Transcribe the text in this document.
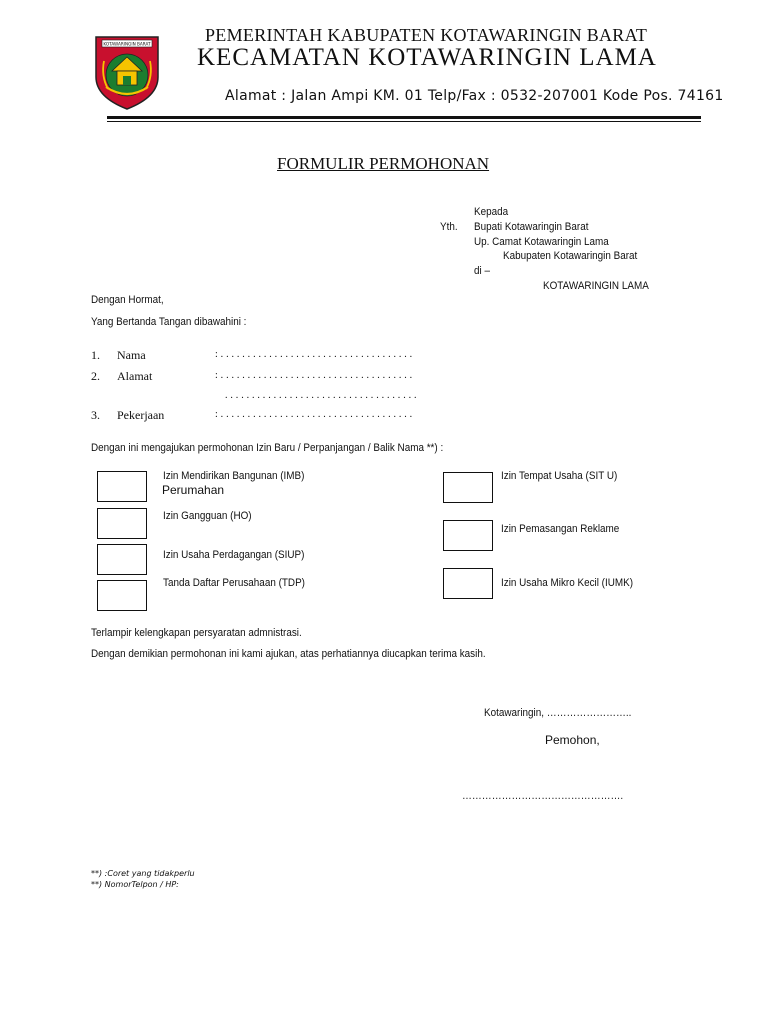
KOTAWARINGIN BARAT	PEMERINTAH KABUPATEN KOTAWARINGIN BARAT
KECAMATAN KOTAWARINGIN LAMA
Alamat : Jalan Ampi KM. 01 Telp/Fax : 0532-207001 Kode Pos. 74161
FORMULIR PERMOHONAN
Kepada
Yth. Bupati Kotawaringin Barat
Up. Camat Kotawaringin Lama
Kabupaten Kotawaringin Barat
di –
KOTAWARINGIN LAMA
Dengan Hormat,
Yang Bertanda Tangan dibawahini :
1. Nama	: . . . . . . . . . . . . . . . . . . . . . . . . . . . . . . . . . . . .
2. Alamat	: . . . . . . . . . . . . . . . . . . . . . . . . . . . . . . . . . . . .
. . . . . . . . . . . . . . . . . . . . . . . . . . . . . . . . . . . .
3. Pekerjaan	: . . . . . . . . . . . . . . . . . . . . . . . . . . . . . . . . . . . .
Dengan ini mengajukan permohonan Izin Baru / Perpanjangan / Balik Nama **) :
Izin Mendirikan Bangunan (IMB)
Perumahan
Izin Gangguan (HO)
Izin Usaha Perdagangan (SIUP)
Tanda Daftar Perusahaan (TDP)
Izin Tempat Usaha (SIT U)
Izin Pemasangan Reklame
Izin Usaha Mikro Kecil (IUMK)
Terlampir kelengkapan persyaratan admnistrasi.
Dengan demikian permohonan ini kami ajukan, atas perhatiannya diucapkan terima kasih.
Kotawaringin, ……………………..
Pemohon,
………………………………………….
**) :Coret yang tidakperlu
**) NomorTelpon / HP:
